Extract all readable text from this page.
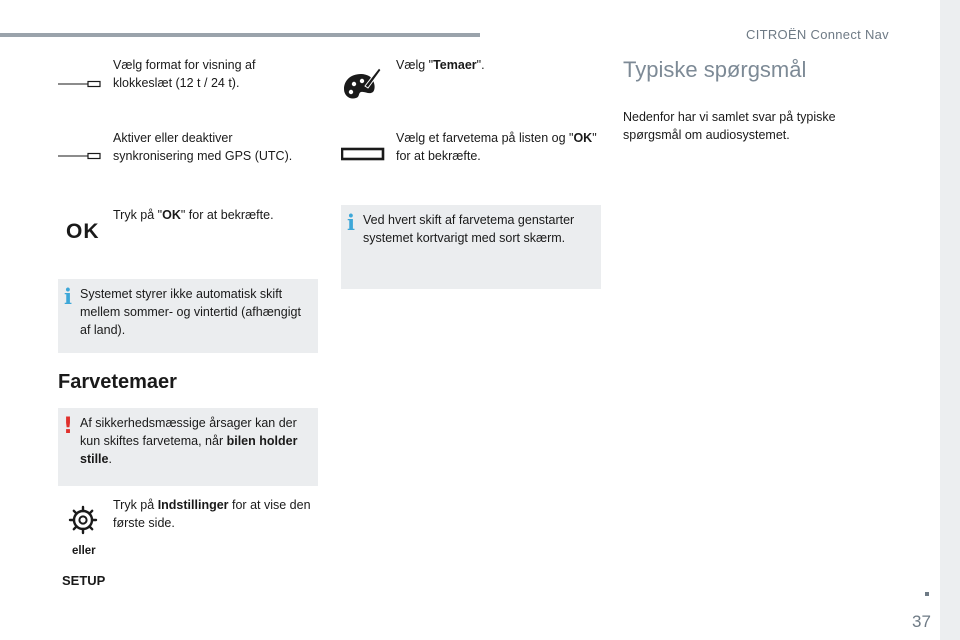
CITROËN Connect Nav
37
Vælg format for visning af klokkeslæt (12 t / 24 t).
Aktiver eller deaktiver synkronisering med GPS (UTC).
OK
Tryk på "OK" for at bekræfte.
i Systemet styrer ikke automatisk skift mellem sommer- og vintertid (afhængigt af land).
Farvetemaer
! Af sikkerhedsmæssige årsager kan der kun skiftes farvetema, når bilen holder stille.
Tryk på Indstillinger for at vise den første side.
eller
SETUP
Vælg "Temaer".
Vælg et farvetema på listen og "OK" for at bekræfte.
i Ved hvert skift af farvetema genstarter systemet kortvarigt med sort skærm.
Typiske spørgsmål
Nedenfor har vi samlet svar på typiske spørgsmål om audiosystemet.
